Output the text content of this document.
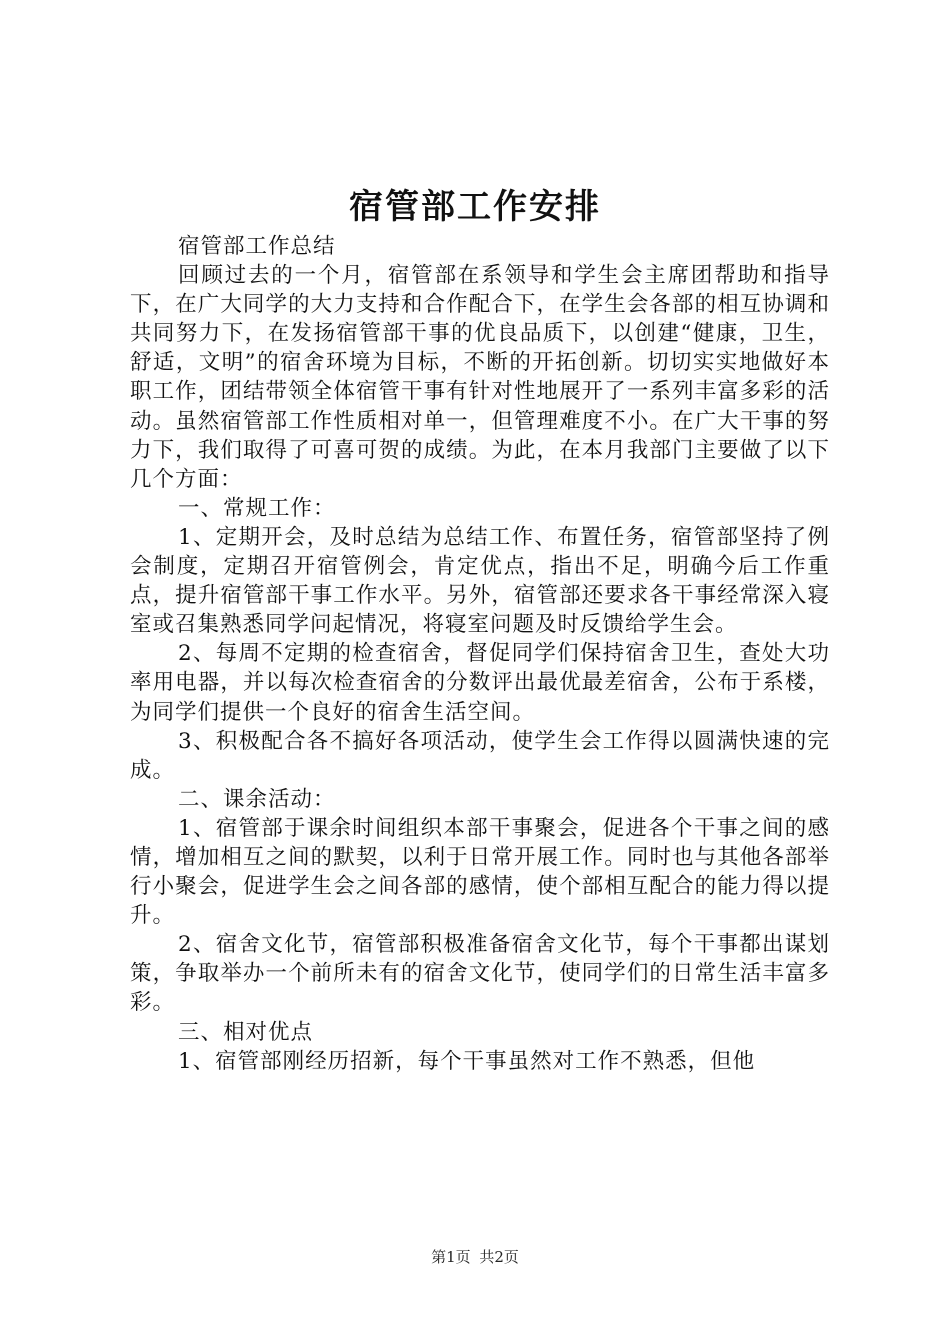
宿管部工作安排

宿管部工作总结

回顾过去的一个月，宿管部在系领导和学生会主席团帮助和指导下，在广大同学的大力支持和合作配合下，在学生会各部的相互协调和共同努力下，在发扬宿管部干事的优良品质下，以创建“健康，卫生，舒适，文明”的宿舍环境为目标，不断的开拓创新。切切实实地做好本职工作，团结带领全体宿管干事有针对性地展开了一系列丰富多彩的活动。虽然宿管部工作性质相对单一，但管理难度不小。在广大干事的努力下，我们取得了可喜可贺的成绩。为此，在本月我部门主要做了以下几个方面：

一、常规工作：

1、定期开会，及时总结为总结工作、布置任务，宿管部坚持了例会制度，定期召开宿管例会，肯定优点，指出不足，明确今后工作重点，提升宿管部干事工作水平。另外，宿管部还要求各干事经常深入寝室或召集熟悉同学问起情况，将寝室问题及时反馈给学生会。

2、每周不定期的检查宿舍，督促同学们保持宿舍卫生，查处大功率用电器，并以每次检查宿舍的分数评出最优最差宿舍，公布于系楼，为同学们提供一个良好的宿舍生活空间。

3、积极配合各不搞好各项活动，使学生会工作得以圆满快速的完成。

二、课余活动：

1、宿管部于课余时间组织本部干事聚会，促进各个干事之间的感情，增加相互之间的默契，以利于日常开展工作。同时也与其他各部举行小聚会，促进学生会之间各部的感情，使个部相互配合的能力得以提升。

2、宿舍文化节，宿管部积极准备宿舍文化节，每个干事都出谋划策，争取举办一个前所未有的宿舍文化节，使同学们的日常生活丰富多彩。

三、相对优点

1、宿管部刚经历招新，每个干事虽然对工作不熟悉，但他

第1页 共2页
